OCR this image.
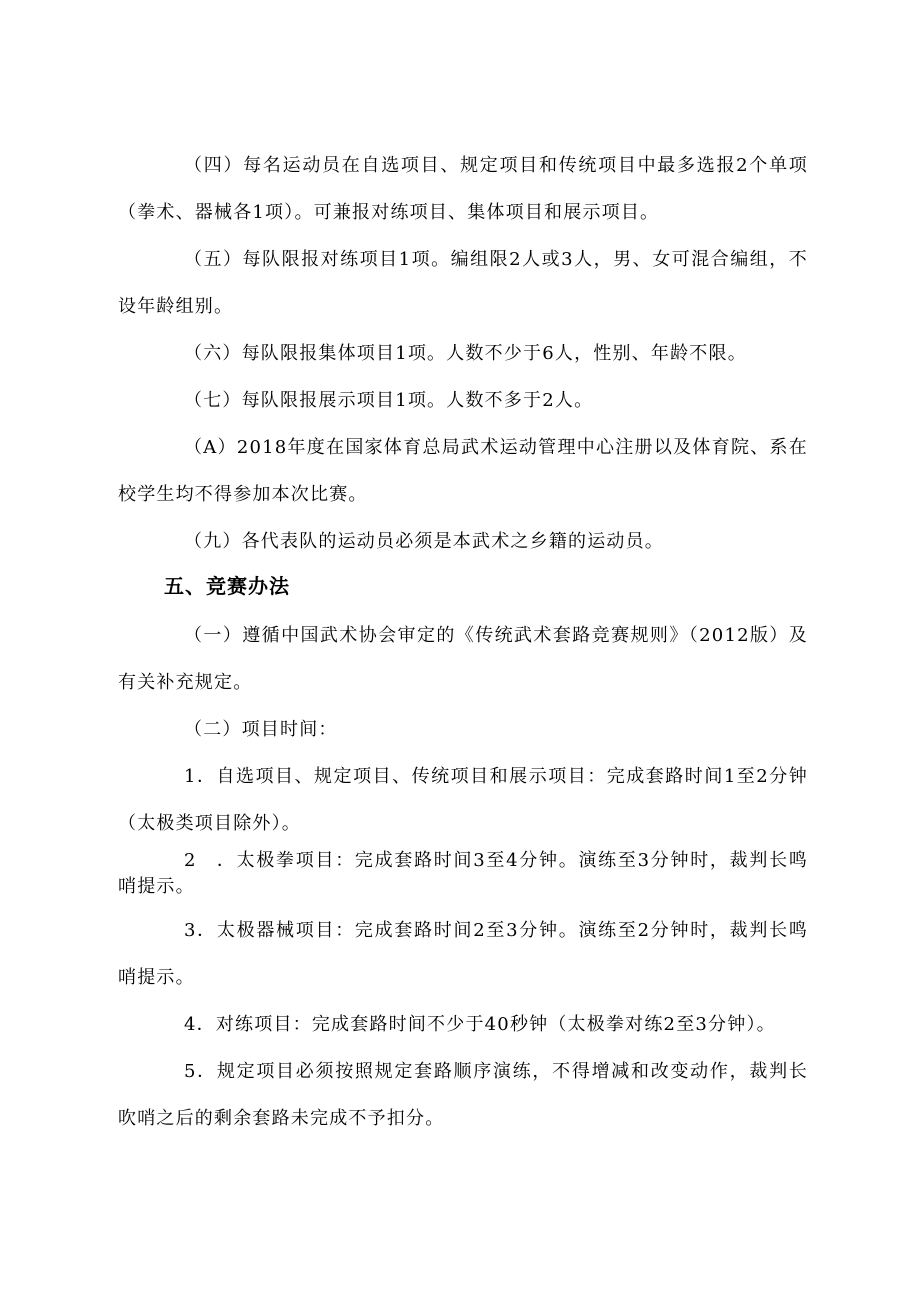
（四）每名运动员在自选项目、规定项目和传统项目中最多选报2个单项（拳术、器械各1项）。可兼报对练项目、集体项目和展示项目。

（五）每队限报对练项目1项。编组限2人或3人，男、女可混合编组，不设年龄组别。

（六）每队限报集体项目1项。人数不少于6人，性别、年龄不限。

（七）每队限报展示项目1项。人数不多于2人。

（A）2018年度在国家体育总局武术运动管理中心注册以及体育院、系在校学生均不得参加本次比赛。

（九）各代表队的运动员必须是本武术之乡籍的运动员。

五、竞赛办法

（一）遵循中国武术协会审定的《传统武术套路竞赛规则》（2012版）及有关补充规定。

（二）项目时间：

1．自选项目、规定项目、传统项目和展示项目：完成套路时间1至2分钟（太极类项目除外）。

2　．太极拳项目：完成套路时间3至4分钟。演练至3分钟时，裁判长鸣哨提示。

3．太极器械项目：完成套路时间2至3分钟。演练至2分钟时，裁判长鸣哨提示。

4．对练项目：完成套路时间不少于40秒钟（太极拳对练2至3分钟）。

5．规定项目必须按照规定套路顺序演练，不得增减和改变动作，裁判长吹哨之后的剩余套路未完成不予扣分。
